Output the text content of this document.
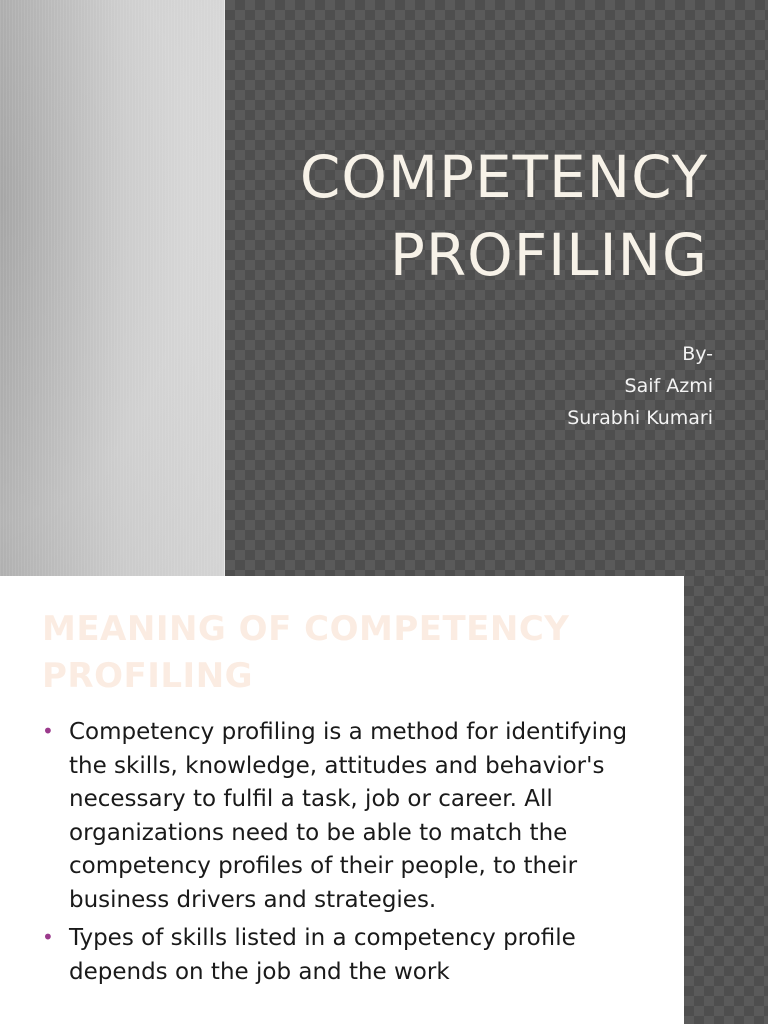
COMPETENCY
PROFILING
By-
Saif Azmi
Surabhi Kumari
MEANING OF COMPETENCY
PROFILING
• Competency profiling is a method for identifying the skills, knowledge, attitudes and behavior's necessary to fulfil a task, job or career. All organizations need to be able to match the competency profiles of their people, to their business drivers and strategies.
• Types of skills listed in a competency profile depends on the job and the work
